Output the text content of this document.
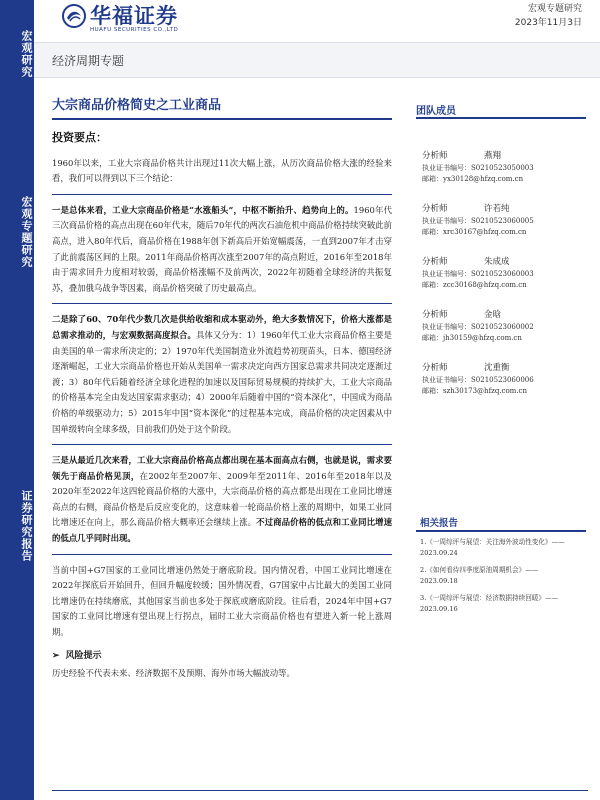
宏观研究
宏观专题研究
证券研究报告
华福证券
HUAFU SECURITIES CO.,LTD
宏观专题研究
2023年11月3日
经济周期专题
大宗商品价格简史之工业商品
投资要点：

1960年以来，工业大宗商品价格共计出现过11次大幅上涨，从历次商品价格大涨的经验来看，我们可以得到以下三个结论：

一是总体来看，工业大宗商品价格是“水涨船头”，中枢不断抬升、趋势向上的。1960年代三次商品价格的高点出现在60年代末，随后70年代的两次石油危机中商品价格持续突破此前高点，进入80年代后，商品价格在1988年创下新高后开始宽幅震荡，一直到2007年才击穿了此前震荡区间的上限。2011年商品价格再次涨至2007年的高点附近，2016年至2018年由于需求回升力度相对较弱，商品价格涨幅不及前两次，2022年初随着全球经济的共振复苏，叠加俄乌战争等因素，商品价格突破了历史最高点。

二是除了60、70年代少数几次是供给收缩和成本驱动外，绝大多数情况下，价格大涨都是总需求推动的，与宏观数据高度拟合。具体又分为：1）1960年代工业大宗商品价格主要是由美国的单一需求所决定的；2）1970年代美国制造业外流趋势初现苗头，日本、德国经济逐渐崛起，工业大宗商品价格也开始从美国单一需求决定向西方国家总需求共同决定逐渐过渡；3）80年代后随着经济全球化进程的加速以及国际贸易规模的持续扩大，工业大宗商品的价格基本完全由发达国家需求驱动；4）2000年后随着中国的“资本深化”，中国成为商品价格的单级驱动力；5）2015年中国“资本深化”的过程基本完成，商品价格的决定因素从中国单级转向全球多级，目前我们仍处于这个阶段。

三是从最近几次来看，工业大宗商品价格高点都出现在基本面高点右侧，也就是说，需求要领先于商品价格见顶，在2002年至2007年、2009年至2011年、2016年至2018年以及2020年至2022年这四轮商品价格的大涨中，大宗商品价格的高点都是出现在工业同比增速高点的右侧，商品价格是后反应变化的，这意味着一轮商品价格上涨的周期中，如果工业同比增速还在向上，那么商品价格大概率还会继续上涨。不过商品价格的低点和工业同比增速的低点几乎同时出现。

当前中国+G7国家的工业同比增速仍然处于磨底阶段。国内情况看，中国工业同比增速在2022年探底后开始回升，但回升幅度较缓；国外情况看，G7国家中占比最大的美国工业同比增速仍在持续磨底，其他国家当前也多处于探底或磨底阶段。往后看，2024年中国+G7国家的工业同比增速有望出现上行拐点，届时工业大宗商品价格也有望进入新一轮上涨周期。

➢ 风险提示

历史经验不代表未来、经济数据不及预期、海外市场大幅波动等。

团队成员
分析师	燕翔
执业证书编号：S0210523050003
邮箱：yx30128@hfzq.com.cn
分析师	许若纯
执业证书编号：S0210523060005
邮箱：xrc30167@hfzq.com.cn
分析师	朱成成
执业证书编号：S0210523060003
邮箱：zcc30168@hfzq.com.cn
分析师	金晗
执业证书编号：S0210523060002
邮箱：jh30159@hfzq.com.cn
分析师	沈重衡
执业证书编号：S0210523060006
邮箱：szh30173@hfzq.com.cn
相关报告
1.《一周综评与展望：关注海外波动性变化》——
2023.09.24
2.《如何看待四季度原油周期机会》——
2023.09.18
3.《一周综评与展望：经济数据持续回暖》——
2023.09.16
